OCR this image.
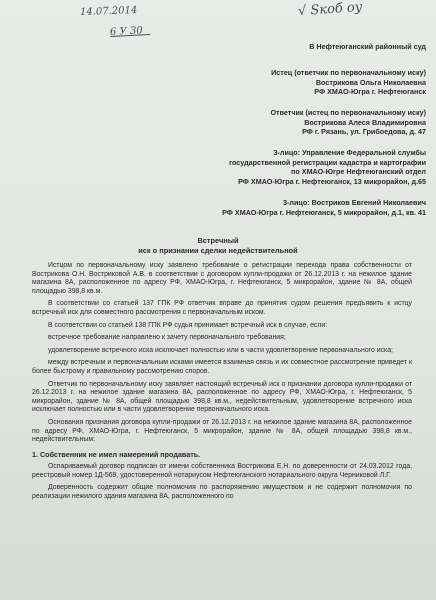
14.07.2014
6 У 30
√ Ѕкоб оу
В Нефтеюганский районный суд
Истец (ответчик по первоначальному иску)
Вострикова Ольга Николаевна
РФ ХМАО-Югра г. Нефтеюганск
Ответчик (истец по первоначальному иску)
Вострикова Алеся Владимировна
РФ г. Рязань, ул. Грибоедова, д. 47
3-лицо: Управление Федеральной службы
государственной регистрации кадастра и картографии
по ХМАО-Югре Нефтеюганский отдел
РФ ХМАО-Югра г. Нефтеюганск, 13 микрорайон, д.65
3-лицо: Востриков Евгений Николаевич
РФ ХМАО-Югра г. Нефтеюганск, 5 микрорайон, д.1, кв. 41
Встречный
иск о признании сделки недействительной

Истцом по первоначальному иску заявлено требование о регистрации перехода права собственности от Вострикова О.Н. Востриковой А.В. в соответствии с договором купли-продажи от 26.12.2013 г. на нежилое здание магазина 8А, расположенное по адресу РФ, ХМАО-Югра, г. Нефтеюганск, 5 микрорайон, здание № 8А, общей площадью 398,8 кв.м.

В соответствии со статьей 137 ГПК РФ ответчик вправе до принятия судом решения предъявить к истцу встречный иск для совместного рассмотрения с первоначальным иском.

В соответствии со статьей 138 ГПК РФ судья принимает встречный иск в случае, если:

встречное требование направлено к зачету первоначального требования;

удовлетворение встречного иска исключает полностью или в части удовлетворение первоначального иска;

между встречным и первоначальным исками имеется взаимная связь и их совместное рассмотрение приведет к более быстрому и правильному рассмотрению споров.

Ответчик по первоначальному иску заявляет настоящий встречный иск о признании договора купли-продажи от 26.12.2013 г. на нежилое здание магазина 8А, расположенное по адресу РФ, ХМАО-Югра, г. Нефтеюганск, 5 микрорайон, здание № 8А, общей площадью 398,8 кв.м., недействительным, удовлетворение встречного иска исключает полностью или в части удовлетворение первоначального иска.

Основания признания договора купли-продажи от 26.12.2013 г. на нежилое здание магазина 8А, расположенное по адресу РФ, ХМАО-Югра, г. Нефтеюганск, 5 микрорайон, здание № 8А, общей площадью 398,8 кв.м., недействительным:

1. Собственник не имел намерений продавать.

Оспариваемый договор подписан от имени собственника Вострикова Е.Н. по доверенности от 24.03.2012 года, реестровый номер 1Д-569, удостоверенной нотариусом Нефтеюганского нотариального округа Черниковой Л.Г.

Доверенность содержит общие полномочия по распоряжению имуществом и не содержит полномочия по реализации нежилого здания магазина 8А, расположенного по
